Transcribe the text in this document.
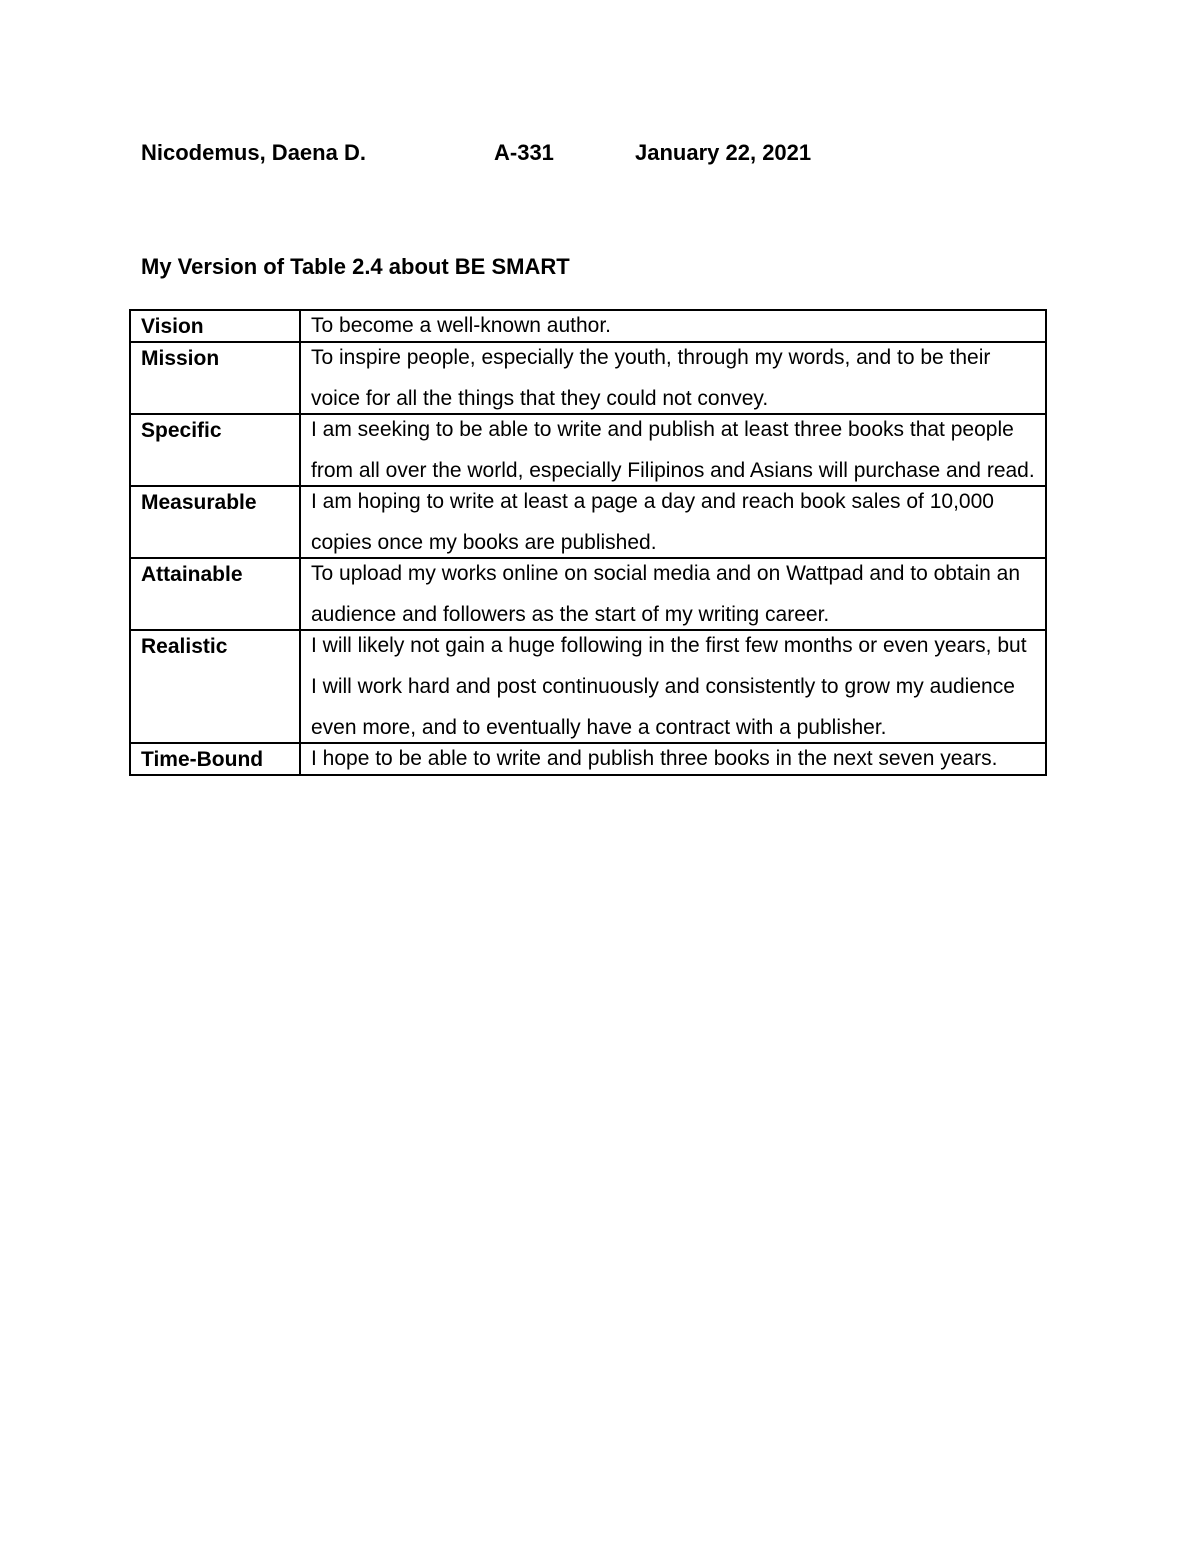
Nicodemus, Daena D.	A-331	January 22, 2021
My Version of Table 2.4 about BE SMART
Vision	To become a well-known author.

Mission	To inspire people, especially the youth, through my words, and to be their voice for all the things that they could not convey.

Specific	I am seeking to be able to write and publish at least three books that people from all over the world, especially Filipinos and Asians will purchase and read.

Measurable	I am hoping to write at least a page a day and reach book sales of 10,000 copies once my books are published.

Attainable	To upload my works online on social media and on Wattpad and to obtain an audience and followers as the start of my writing career.

Realistic	I will likely not gain a huge following in the first few months or even years, but I will work hard and post continuously and consistently to grow my audience even more, and to eventually have a contract with a publisher.

Time-Bound	I hope to be able to write and publish three books in the next seven years.
